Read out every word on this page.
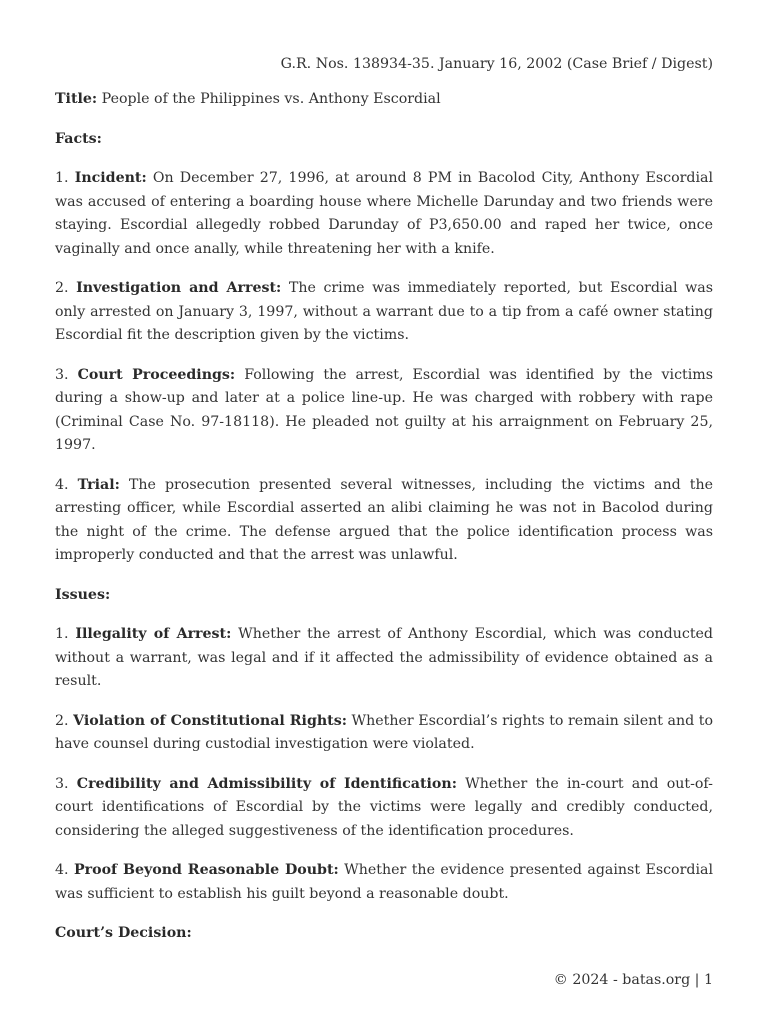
G.R. Nos. 138934-35. January 16, 2002 (Case Brief / Digest)

Title: People of the Philippines vs. Anthony Escordial

Facts:

1. Incident: On December 27, 1996, at around 8 PM in Bacolod City, Anthony Escordial was accused of entering a boarding house where Michelle Darunday and two friends were staying. Escordial allegedly robbed Darunday of P3,650.00 and raped her twice, once vaginally and once anally, while threatening her with a knife.

2. Investigation and Arrest: The crime was immediately reported, but Escordial was only arrested on January 3, 1997, without a warrant due to a tip from a café owner stating Escordial fit the description given by the victims.

3. Court Proceedings: Following the arrest, Escordial was identified by the victims during a show-up and later at a police line-up. He was charged with robbery with rape (Criminal Case No. 97-18118). He pleaded not guilty at his arraignment on February 25, 1997.

4. Trial: The prosecution presented several witnesses, including the victims and the arresting officer, while Escordial asserted an alibi claiming he was not in Bacolod during the night of the crime. The defense argued that the police identification process was improperly conducted and that the arrest was unlawful.

Issues:

1. Illegality of Arrest: Whether the arrest of Anthony Escordial, which was conducted without a warrant, was legal and if it affected the admissibility of evidence obtained as a result.

2. Violation of Constitutional Rights: Whether Escordial’s rights to remain silent and to have counsel during custodial investigation were violated.

3. Credibility and Admissibility of Identification: Whether the in-court and out-of-court identifications of Escordial by the victims were legally and credibly conducted, considering the alleged suggestiveness of the identification procedures.

4. Proof Beyond Reasonable Doubt: Whether the evidence presented against Escordial was sufficient to establish his guilt beyond a reasonable doubt.

Court’s Decision:

© 2024 - batas.org | 1
